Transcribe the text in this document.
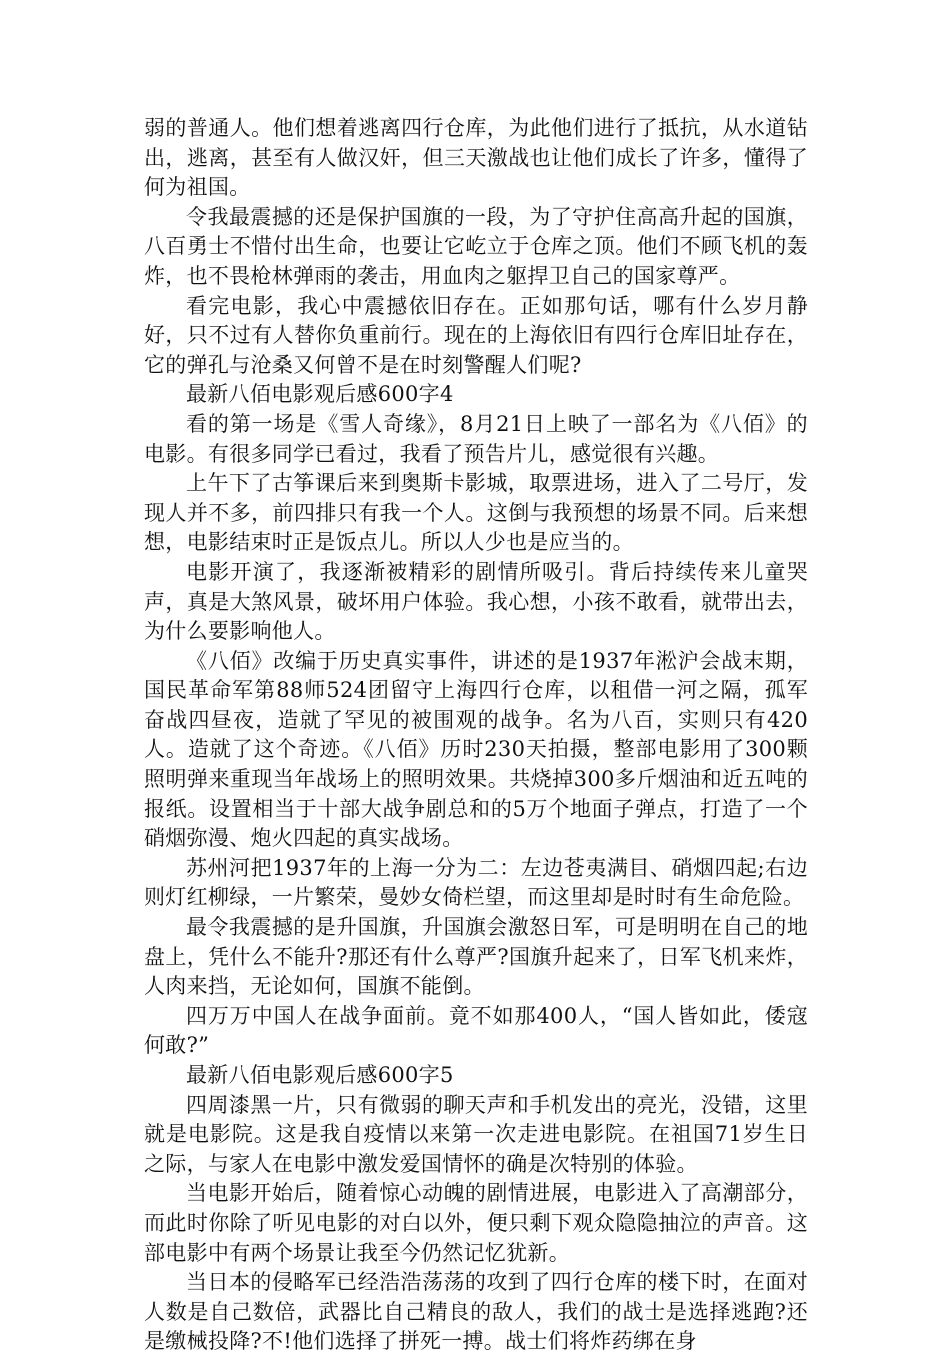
弱的普通人。他们想着逃离四行仓库，为此他们进行了抵抗，从水道钻出，逃离，甚至有人做汉奸，但三天激战也让他们成长了许多，懂得了何为祖国。

令我最震撼的还是保护国旗的一段，为了守护住高高升起的国旗，八百勇士不惜付出生命，也要让它屹立于仓库之顶。他们不顾飞机的轰炸，也不畏枪林弹雨的袭击，用血肉之躯捍卫自己的国家尊严。

看完电影，我心中震撼依旧存在。正如那句话，哪有什么岁月静好，只不过有人替你负重前行。现在的上海依旧有四行仓库旧址存在，它的弹孔与沧桑又何曾不是在时刻警醒人们呢?

最新八佰电影观后感600字4

看的第一场是《雪人奇缘》，8月21日上映了一部名为《八佰》的电影。有很多同学已看过，我看了预告片儿，感觉很有兴趣。

上午下了古筝课后来到奥斯卡影城，取票进场，进入了二号厅，发现人并不多，前四排只有我一个人。这倒与我预想的场景不同。后来想想，电影结束时正是饭点儿。所以人少也是应当的。

电影开演了，我逐渐被精彩的剧情所吸引。背后持续传来儿童哭声，真是大煞风景，破坏用户体验。我心想，小孩不敢看，就带出去，为什么要影响他人。

《八佰》改编于历史真实事件，讲述的是1937年淞沪会战末期，国民革命军第88师524团留守上海四行仓库，以租借一河之隔，孤军奋战四昼夜，造就了罕见的被围观的战争。名为八百，实则只有420人。造就了这个奇迹。《八佰》历时230天拍摄，整部电影用了300颗照明弹来重现当年战场上的照明效果。共烧掉300多斤烟油和近五吨的报纸。设置相当于十部大战争剧总和的5万个地面子弹点，打造了一个硝烟弥漫、炮火四起的真实战场。

苏州河把1937年的上海一分为二：左边苍夷满目、硝烟四起;右边则灯红柳绿，一片繁荣，曼妙女倚栏望，而这里却是时时有生命危险。

最令我震撼的是升国旗，升国旗会激怒日军，可是明明在自己的地盘上，凭什么不能升?那还有什么尊严?国旗升起来了，日军飞机来炸，人肉来挡，无论如何，国旗不能倒。

四万万中国人在战争面前。竟不如那400人，“国人皆如此，倭寇何敢?”

最新八佰电影观后感600字5

四周漆黑一片，只有微弱的聊天声和手机发出的亮光，没错，这里就是电影院。这是我自疫情以来第一次走进电影院。在祖国71岁生日之际，与家人在电影中激发爱国情怀的确是次特别的体验。

当电影开始后，随着惊心动魄的剧情进展，电影进入了高潮部分，而此时你除了听见电影的对白以外，便只剩下观众隐隐抽泣的声音。这部电影中有两个场景让我至今仍然记忆犹新。

当日本的侵略军已经浩浩荡荡的攻到了四行仓库的楼下时，在面对人数是自己数倍，武器比自己精良的敌人，我们的战士是选择逃跑?还是缴械投降?不!他们选择了拼死一搏。战士们将炸药绑在身
